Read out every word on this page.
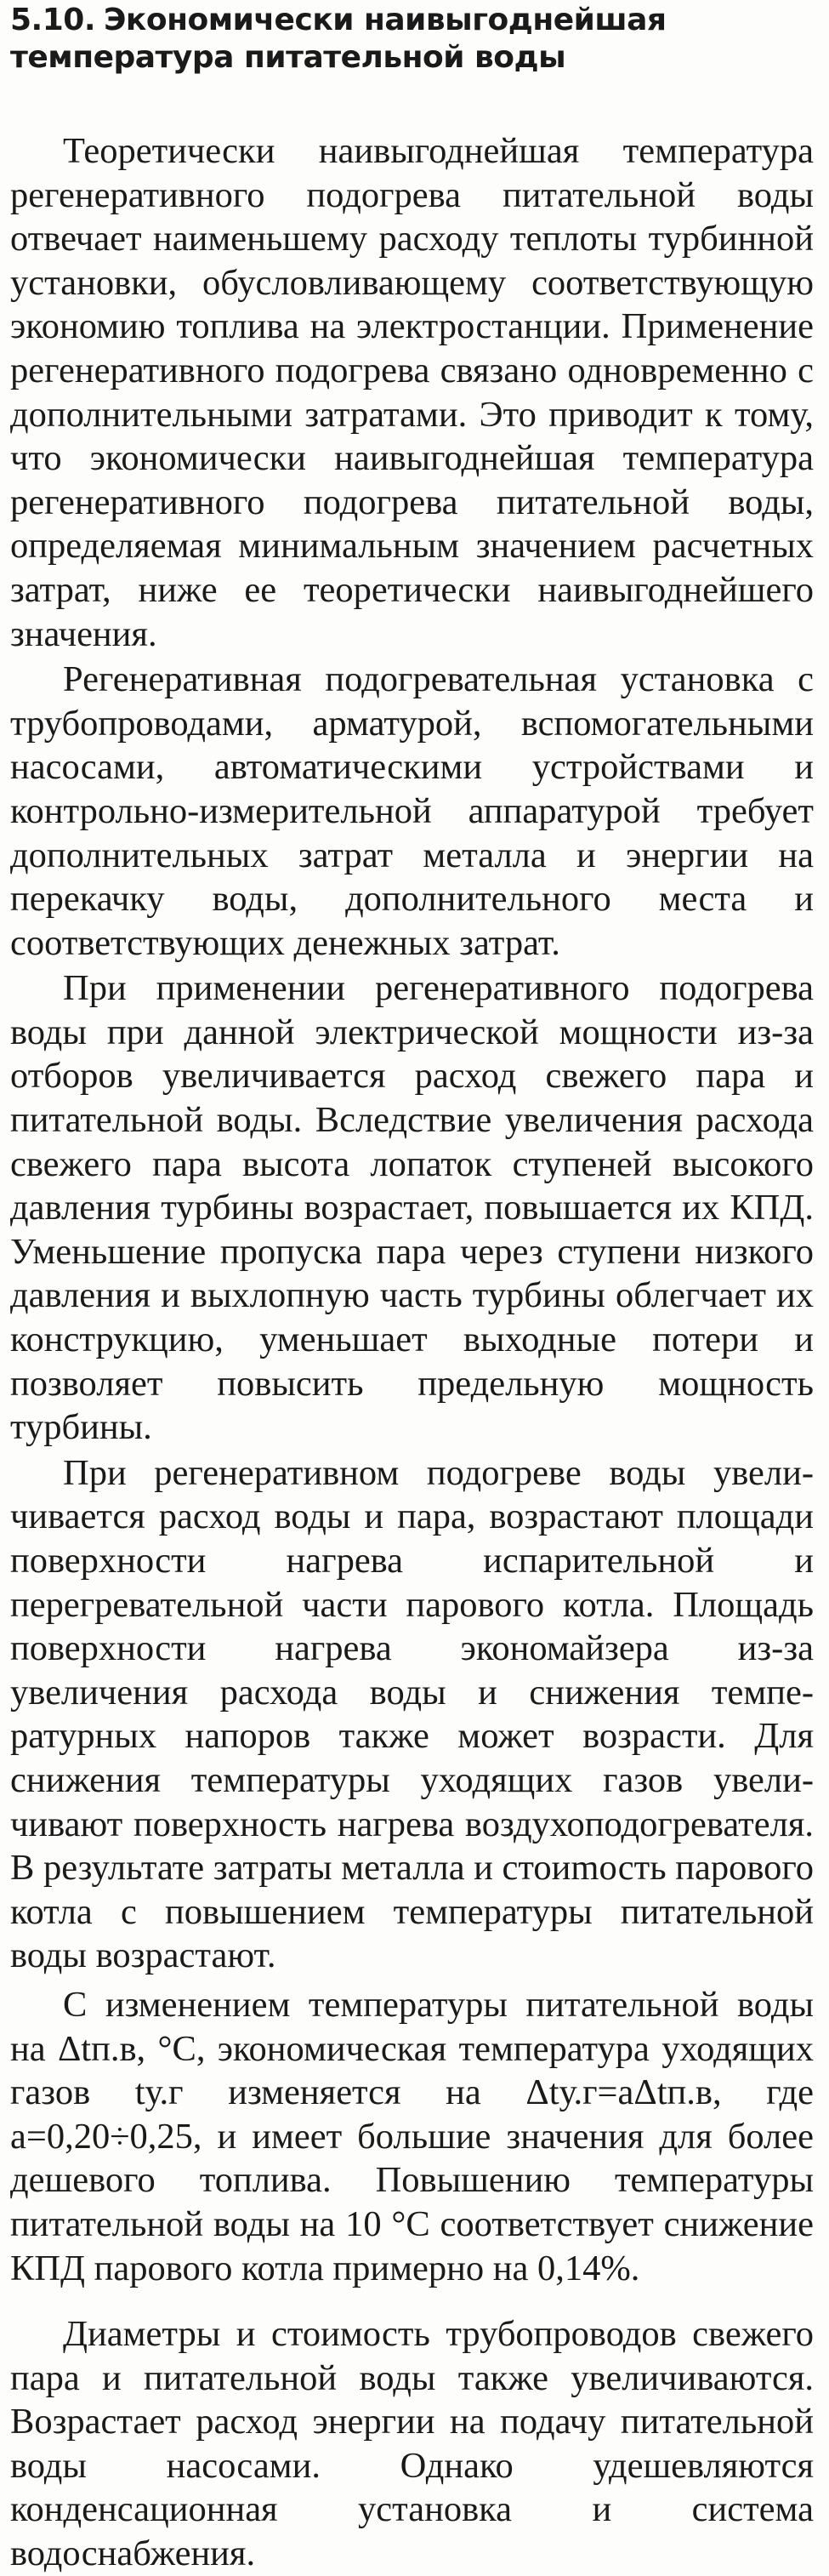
5.10. Экономически наивыгоднейшая
температура питательной воды

Теоретически наивыгоднейшая температура регенеративного подогрева питательной воды отвечает наименьшему расходу теплоты турбинной установки, обусловливающему соответствующую экономию топлива на электростанции. Применение регенеративного подогрева связано одновременно с дополнительными затратами. Это приводит к тому, что экономически наивыгоднейшая температура регенеративного подогрева питательной воды, определяемая минимальным значением расчетных затрат, ниже ее теоретически наивыгоднейшего значения.

Регенеративная подогревательная установка с трубопроводами, арматурой, вспомогательными насосами, автоматическими устройствами и контрольно-измерительной аппаратурой требует дополнительных затрат металла и энергии на перекачку воды, дополнительного места и соответствующих денежных затрат.

При применении регенеративного подогрева воды при данной электрической мощности из-за отборов увеличивается расход свежего пара и питательной воды. Вследствие увеличения расхода свежего пара высота лопаток ступеней высокого давления турбины возрастает, повышается их КПД. Уменьшение пропуска пара через ступени низкого давления и выхлопную часть турбины облегчает их конструкцию, уменьшает выходные потери и позволяет повысить предельную мощность турбины.

При регенеративном подогреве воды увеличивается расход воды и пара, возрастают площади поверхности нагрева испарительной и перегревательной части парового котла. Площадь поверхности нагрева экономайзера из-за увеличения расхода воды и снижения температурных напоров также может возрасти. Для снижения температуры уходящих газов увеличивают поверхность нагрева воздухоподогревателя. В результате затраты металла и стоиmость парового котла с повышением температуры питательной воды возрастают.

С изменением температуры питательной воды на Δtп.в, °С, экономическая температура уходящих газов tу.г изменяется на Δtу.г=aΔtп.в, где a=0,20÷0,25, и имеет большие значения для более дешевого топлива. Повышению температуры питательной воды на 10 °С соответствует снижение КПД парового котла примерно на 0,14%.

Диаметры и стоимость трубопроводов свежего пара и питательной воды также увеличиваются. Возрастает расход энергии на подачу питательной воды насосами. Однако удешевляются конденсационная установка и система водоснабжения.
